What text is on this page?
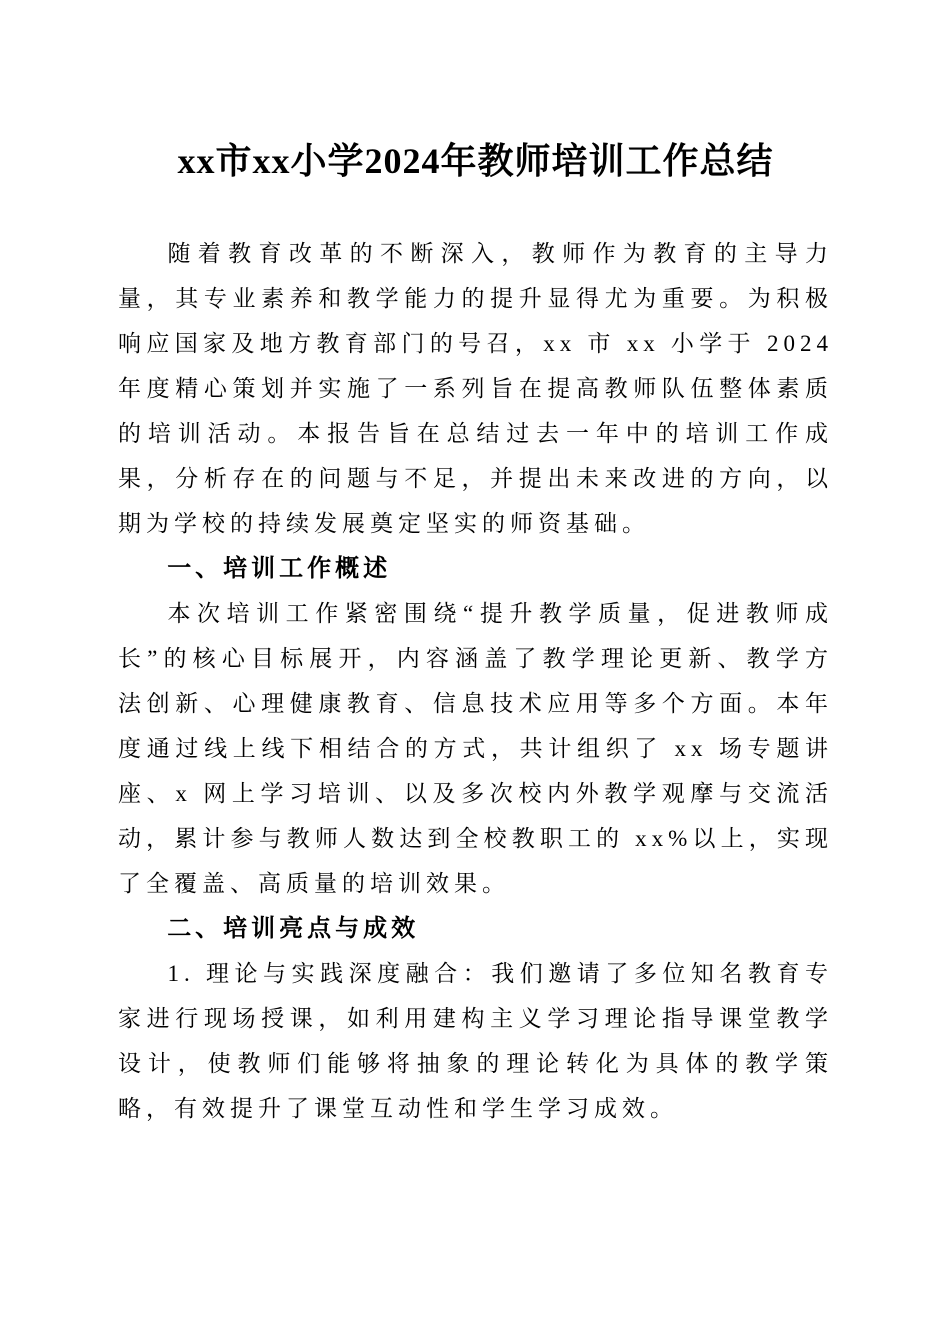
xx市xx小学2024年教师培训工作总结

随着教育改革的不断深入，教师作为教育的主导力量，其专业素养和教学能力的提升显得尤为重要。为积极响应国家及地方教育部门的号召，xx 市 xx 小学于 2024 年度精心策划并实施了一系列旨在提高教师队伍整体素质的培训活动。本报告旨在总结过去一年中的培训工作成果，分析存在的问题与不足，并提出未来改进的方向，以期为学校的持续发展奠定坚实的师资基础。

一、培训工作概述

本次培训工作紧密围绕“提升教学质量，促进教师成长”的核心目标展开，内容涵盖了教学理论更新、教学方法创新、心理健康教育、信息技术应用等多个方面。本年度通过线上线下相结合的方式，共计组织了 xx 场专题讲座、x 网上学习培训、以及多次校内外教学观摩与交流活动，累计参与教师人数达到全校教职工的 xx%以上，实现了全覆盖、高质量的培训效果。

二、培训亮点与成效

1. 理论与实践深度融合：我们邀请了多位知名教育专家进行现场授课，如利用建构主义学习理论指导课堂教学设计，使教师们能够将抽象的理论转化为具体的教学策略，有效提升了课堂互动性和学生学习成效。
